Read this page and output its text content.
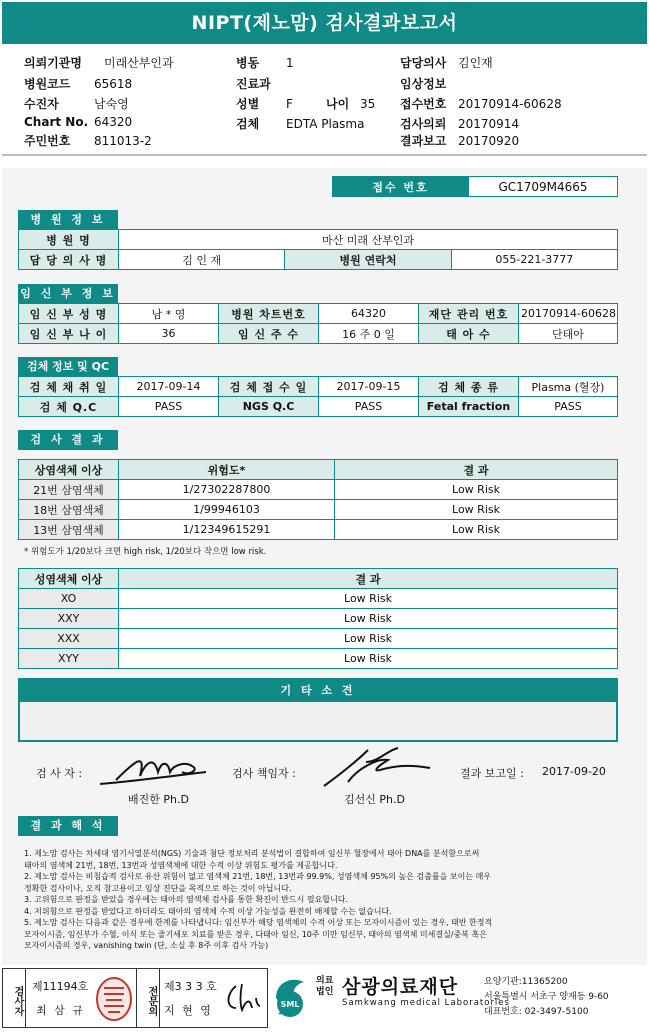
NIPT(제노맘) 검사결과보고서
의뢰기관명 미래산부인과
병원코드 65618
수진자	남숙영
Chart No. 64320
주민번호 811013-2
병동 1
진료과
성별 F	나이 35
검체 EDTA Plasma
담당의사 김인재
임상정보
접수번호 20170914-60628
검사의뢰 20170914
결과보고 20170920
접수 번호	GC1709M4665
병 원 정 보
병 원 명	마산 미래 산부인과		
담 당 의 사 명	김 인 재	병원 연락처	055-221-3777
임 신 부 정 보
임 신 부 성 명	남 * 영	병원 차트번호	64320	재단 관리 번호	20170914-60628
임 신 부 나 이	36	임 신 주 수	16 주 0 일	태 아 수	단태아
검체 정보 및 QC
검 체 채 취 일	2017-09-14	검 체 접 수 일	2017-09-15	검 체 종 류	Plasma (혈장)
검 체 Q.C	PASS	NGS Q.C	PASS	Fetal fraction	PASS
검 사 결 과
상염색체 이상	위험도*	결 과
21번 삼염색체	1/27302287800	Low Risk
18번 삼염색체	1/99946103	Low Risk
13번 삼염색체	1/12349615291	Low Risk
* 위험도가 1/20보다 크면 high risk, 1/20보다 작으면 low risk.
성염색체 이상	결 과
XO	Low Risk
XXY	Low Risk
XXX	Low Risk
XYY	Low Risk
기 타 소 견
검 사 자 :
배진한 Ph.D
검사 책임자 :
김선신 Ph.D
결과 보고일 : 2017-09-20
결 과 해 석
1. 제노맘 검사는 차세대 염기서열분석(NGS) 기술과 첨단 정보처리 분석법이 결합하여 임신부 혈장에서 태아 DNA를 분석함으로써
태아의 염색체 21번, 18번, 13번과 성염색체에 대한 수적 이상 위험도 평가를 제공합니다.
2. 제노맘 검사는 비침습적 검사로 유산 위험이 없고 염색체 21번, 18번, 13번과 99.9%, 성염색체 95%의 높은 검출률을 보이는 매우
정확한 검사이나, 오직 참고용이고 임상 진단을 목적으로 하는 것이 아닙니다.
3. 고위험으로 판정을 받았을 경우에는 태아의 염색체 검사를 통한 확진이 반드시 필요합니다.
4. 저위험으로 판정을 받았다고 하더라도 태아의 염색체 수적 이상 가능성을 완전히 배제할 수는 없습니다.
5. 제노맘 검사는 다음과 같은 경우에 한계를 나타냅니다: 임신부가 해당 염색체의 수적 이상 또는 모자이시즘이 있는 경우, 태반 한정적
모자이시즘, 임신부가 수혈, 이식 또는 줄기세포 치료를 받은 경우, 다태아 임신, 10주 미만 임신부, 태아의 염색체 미세결실/중복 혹은
모자이시즘의 경우, vanishing twin (단, 소실 후 8주 이후 검사 가능)
검사자 제11194호
최 삼 규	전문의 제3 3 3 호
지 현 영	SML
의료법인 삼광의료재단
Samkwang medical Laboratories
요양기관:11365200
서울특별시 서초구 양재동 9-60
대표번호: 02-3497-5100
